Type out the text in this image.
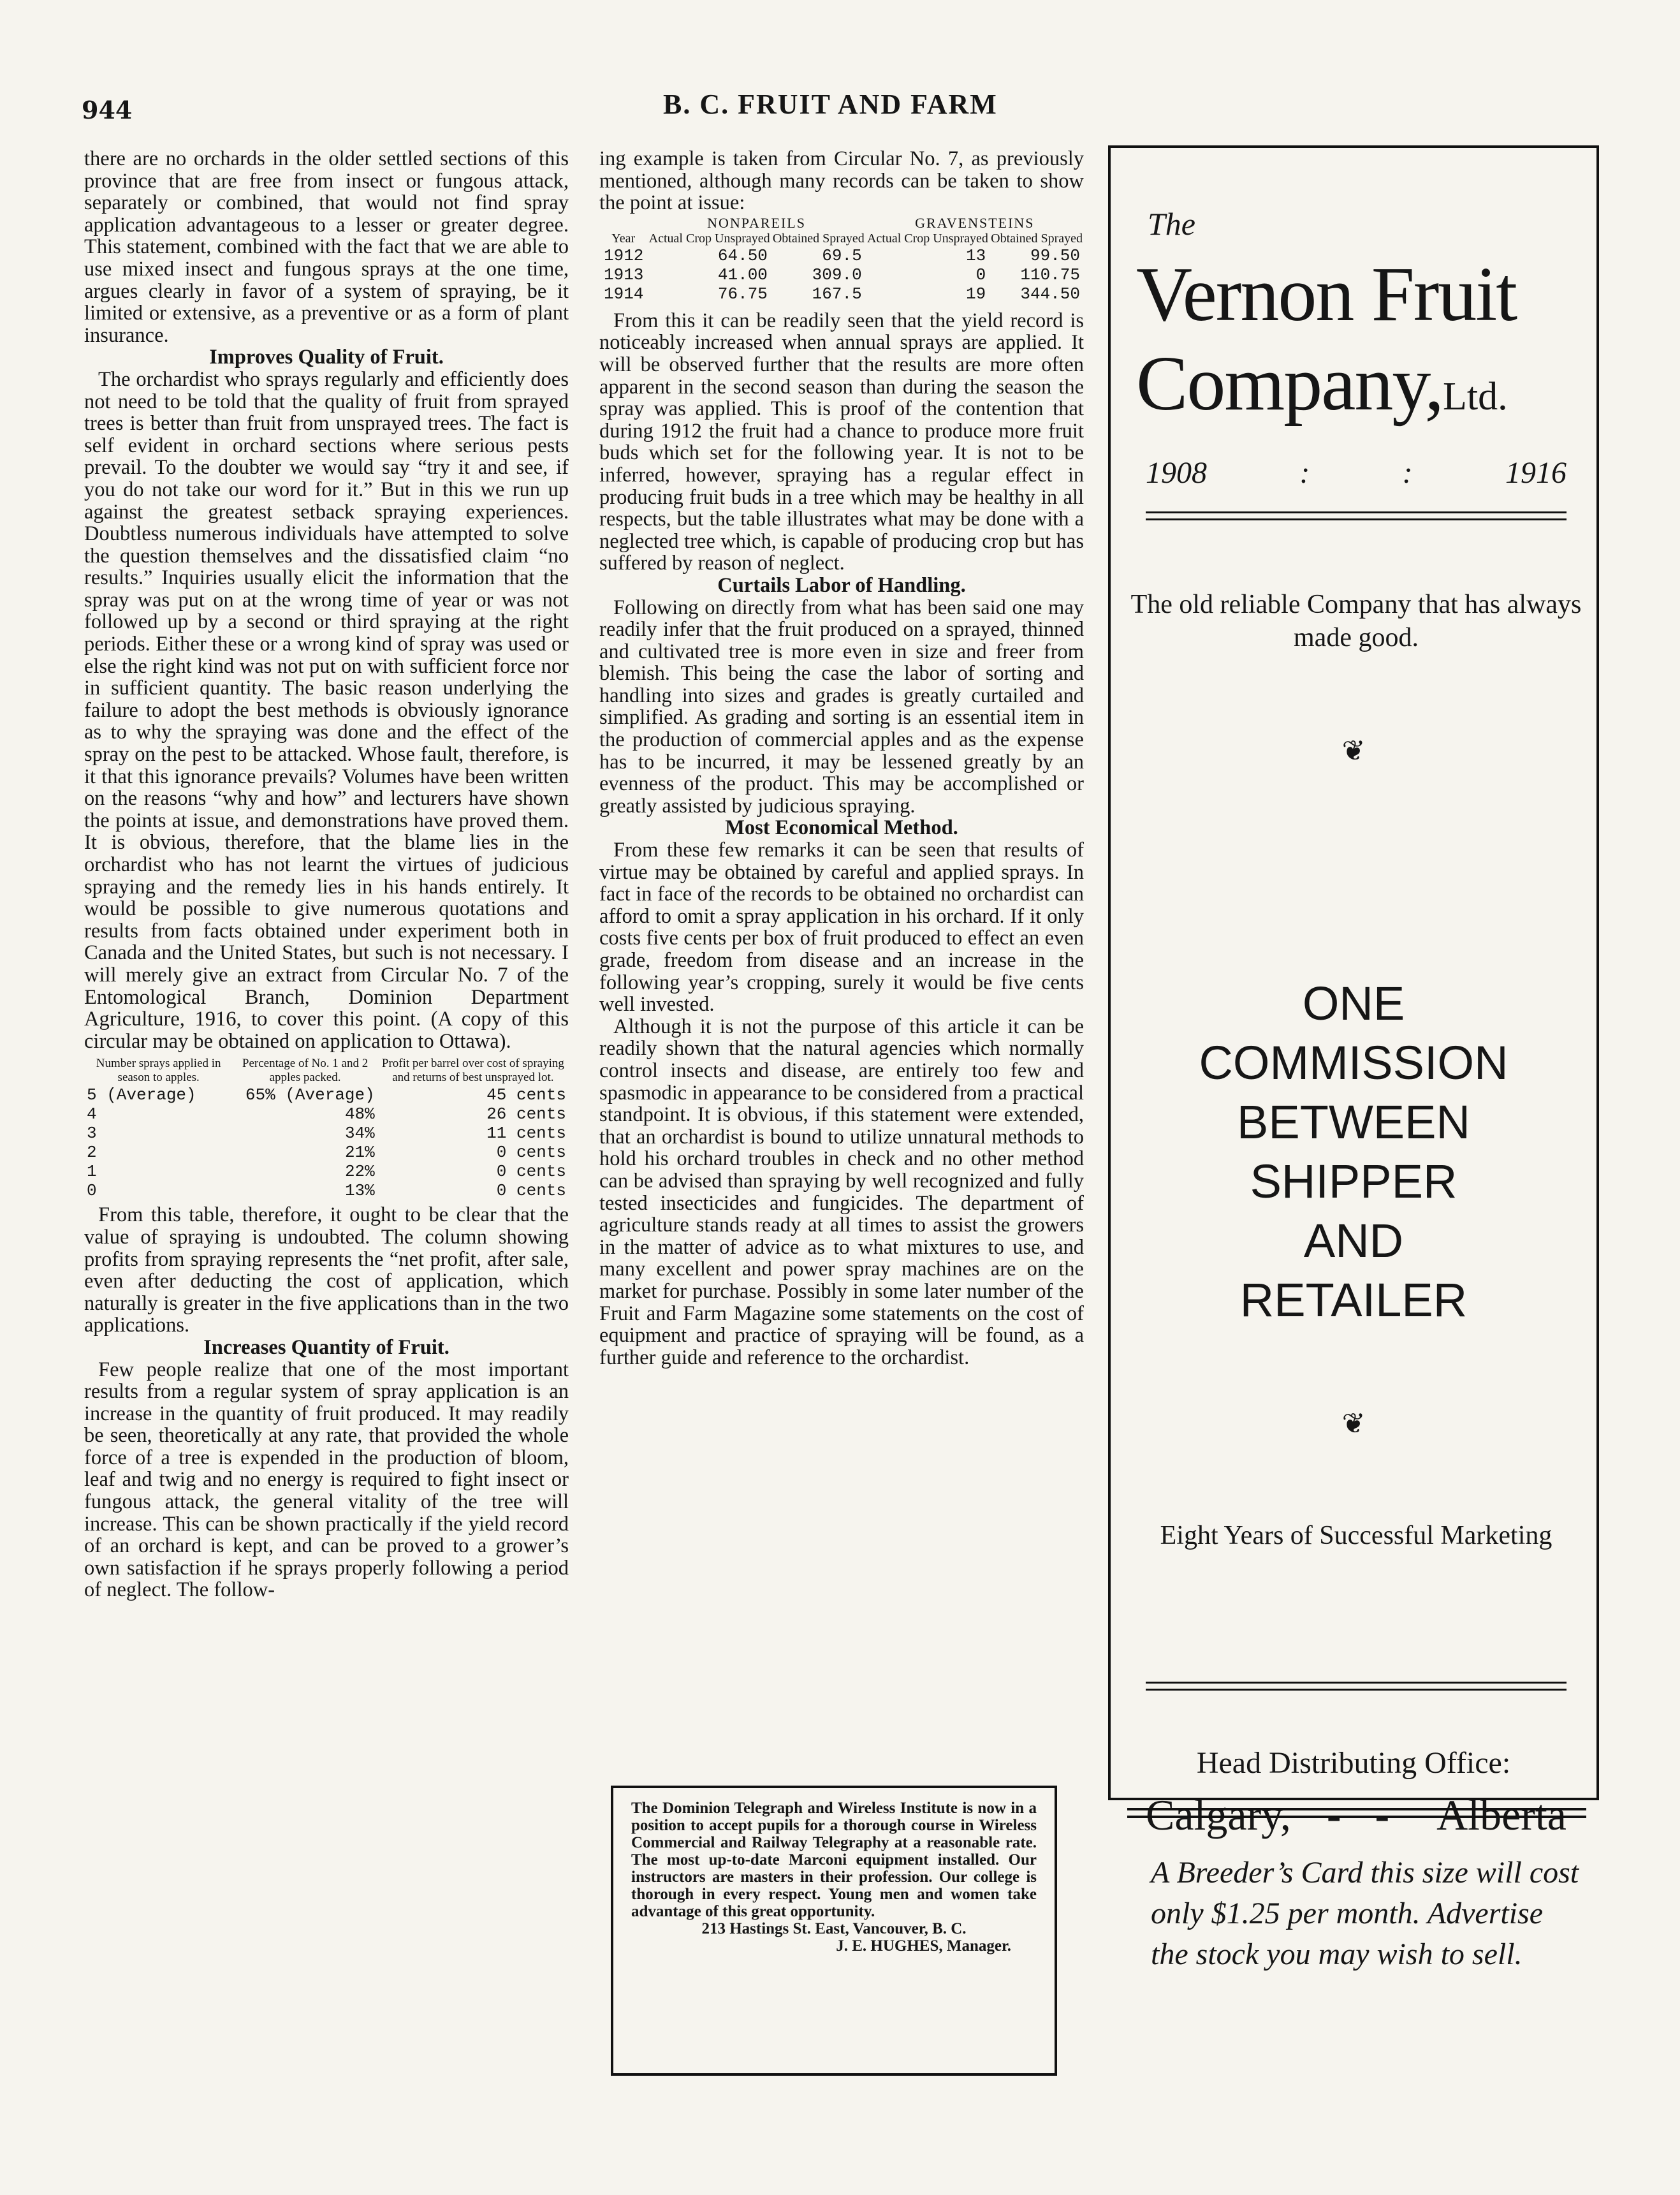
944	B. C. FRUIT AND FARM

there are no orchards in the older settled sections of this province that are free from insect or fungous attack, separately or combined, that would not find spray application advantageous to a lesser or greater degree. This statement, combined with the fact that we are able to use mixed insect and fungous sprays at the one time, argues clearly in favor of a system of spraying, be it limited or extensive, as a preventive or as a form of plant insurance.

Improves Quality of Fruit.

The orchardist who sprays regularly and efficiently does not need to be told that the quality of fruit from sprayed trees is better than fruit from unsprayed trees. The fact is self evident in orchard sections where serious pests prevail. To the doubter we would say “try it and see, if you do not take our word for it.” But in this we run up against the greatest setback spraying experiences. Doubtless numerous individuals have attempted to solve the question themselves and the dissatisfied claim “no results.” Inquiries usually elicit the information that the spray was put on at the wrong time of year or was not followed up by a second or third spraying at the right periods. Either these or a wrong kind of spray was used or else the right kind was not put on with sufficient force nor in sufficient quantity. The basic reason underlying the failure to adopt the best methods is obviously ignorance as to why the spraying was done and the effect of the spray on the pest to be attacked. Whose fault, therefore, is it that this ignorance prevails? Volumes have been written on the reasons “why and how” and lecturers have shown the points at issue, and demonstrations have proved them. It is obvious, therefore, that the blame lies in the orchardist who has not learnt the virtues of judicious spraying and the remedy lies in his hands entirely. It would be possible to give numerous quotations and results from facts obtained under experiment both in Canada and the United States, but such is not necessary. I will merely give an extract from Circular No. 7 of the Entomological Branch, Dominion Department Agriculture, 1916, to cover this point. (A copy of this circular may be obtained on application to Ottawa).

Number sprays applied in season to apples.	Percentage of No. 1 and 2 apples packed.	Profit per barrel over cost of spraying and returns of best unsprayed lot.
5 (Average)	65% (Average)	45 cents
4	48%	26 cents
3	34%	11 cents
2	21%	0 cents
1	22%	0 cents
0	13%	0 cents

From this table, therefore, it ought to be clear that the value of spraying is undoubted. The column showing profits from spraying represents the “net profit, after sale, even after deducting the cost of application, which naturally is greater in the five applications than in the two applications.

Increases Quantity of Fruit.

Few people realize that one of the most important results from a regular system of spray application is an increase in the quantity of fruit produced. It may readily be seen, theoretically at any rate, that provided the whole force of a tree is expended in the production of bloom, leaf and twig and no energy is required to fight insect or fungous attack, the general vitality of the tree will increase. This can be shown practically if the yield record of an orchard is kept, and can be proved to a grower’s own satisfaction if he sprays properly following a period of neglect. The follow-

ing example is taken from Circular No. 7, as previously mentioned, although many records can be taken to show the point at issue:

	NONPAREILS		GRAVENSTEINS	
Year	Actual Crop Unsprayed	Obtained Sprayed	Actual Crop Unsprayed	Obtained Sprayed
1912	64.50	69.5	13	99.50
1913	41.00	309.0	0	110.75
1914	76.75	167.5	19	344.50

From this it can be readily seen that the yield record is noticeably increased when annual sprays are applied. It will be observed further that the results are more often apparent in the second season than during the season the spray was applied. This is proof of the contention that during 1912 the fruit had a chance to produce more fruit buds which set for the following year. It is not to be inferred, however, spraying has a regular effect in producing fruit buds in a tree which may be healthy in all respects, but the table illustrates what may be done with a neglected tree which, is capable of producing crop but has suffered by reason of neglect.

Curtails Labor of Handling.

Following on directly from what has been said one may readily infer that the fruit produced on a sprayed, thinned and cultivated tree is more even in size and freer from blemish. This being the case the labor of sorting and handling into sizes and grades is greatly curtailed and simplified. As grading and sorting is an essential item in the production of commercial apples and as the expense has to be incurred, it may be lessened greatly by an evenness of the product. This may be accomplished or greatly assisted by judicious spraying.

Most Economical Method.

From these few remarks it can be seen that results of virtue may be obtained by careful and applied sprays. In fact in face of the records to be obtained no orchardist can afford to omit a spray application in his orchard. If it only costs five cents per box of fruit produced to effect an even grade, freedom from disease and an increase in the following year’s cropping, surely it would be five cents well invested.

Although it is not the purpose of this article it can be readily shown that the natural agencies which normally control insects and disease, are entirely too few and spasmodic in appearance to be considered from a practical standpoint. It is obvious, if this statement were extended, that an orchardist is bound to utilize unnatural methods to hold his orchard troubles in check and no other method can be advised than spraying by well recognized and fully tested insecticides and fungicides. The department of agriculture stands ready at all times to assist the growers in the matter of advice as to what mixtures to use, and many excellent and power spray machines are on the market for purchase. Possibly in some later number of the Fruit and Farm Magazine some statements on the cost of equipment and practice of spraying will be found, as a further guide and reference to the orchardist.

The Dominion Telegraph and Wireless Institute is now in a position to accept pupils for a thorough course in Wireless Commercial and Railway Telegraphy at a reasonable rate. The most up-to-date Marconi equipment installed. Our instructors are masters in their profession. Our college is thorough in every respect. Young men and women take advantage of this great opportunity.
213 Hastings St. East, Vancouver, B. C.
J. E. HUGHES, Manager.
The
Vernon Fruit
Company,Ltd.
1908	:	:	1916
The old reliable Company that has always made good.
❦
ONE
COMMISSION
BETWEEN
SHIPPER
AND
RETAILER
❦
Eight Years of Successful Marketing
Head Distributing Office:
Calgary, - - Alberta
A Breeder’s Card this size will cost only $1.25 per month. Advertise the stock you may wish to sell.
